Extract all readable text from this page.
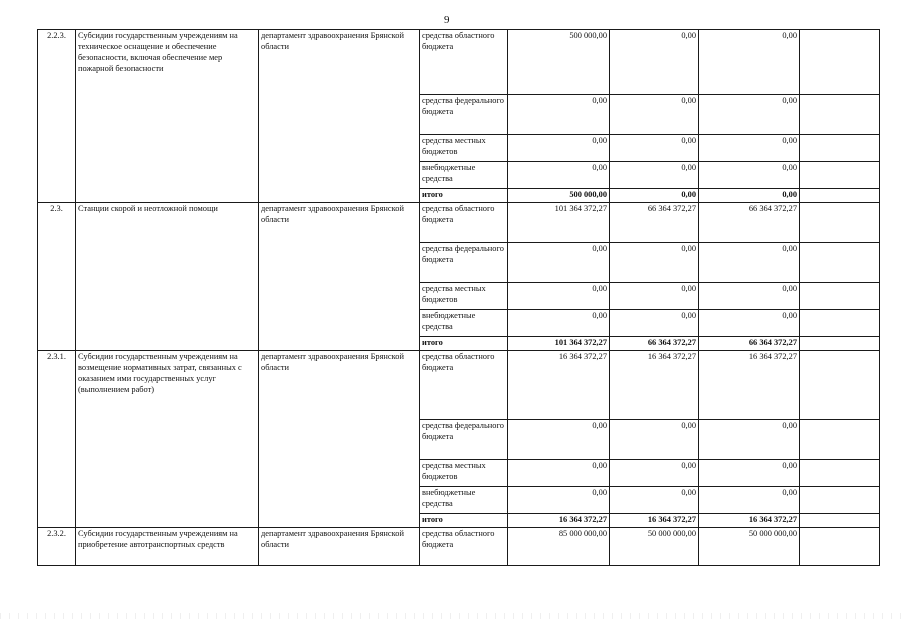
9
2.2.3.	Субсидии государственным учреждениям на техническое оснащение и обеспечение безопасности, включая обеспечение мер пожарной безопасности	департамент здравоохранения Брянской области	средства областного бюджета	500 000,00	0,00	0,00	
			средства федерального бюджета	0,00	0,00	0,00	
			средства местных бюджетов	0,00	0,00	0,00	
			внебюджетные средства	0,00	0,00	0,00	
			итого	500 000,00	0,00	0,00	
2.3.	Станции скорой и неотложной помощи	департамент здравоохранения Брянской области	средства областного бюджета	101 364 372,27	66 364 372,27	66 364 372,27	
			средства федерального бюджета	0,00	0,00	0,00	
			средства местных бюджетов	0,00	0,00	0,00	
			внебюджетные средства	0,00	0,00	0,00	
			итого	101 364 372,27	66 364 372,27	66 364 372,27	
2.3.1.	Субсидии государственным учреждениям на возмещение нормативных затрат, связанных с оказанием ими государственных услуг (выполнением работ)	департамент здравоохранения Брянской области	средства областного бюджета	16 364 372,27	16 364 372,27	16 364 372,27	
			средства федерального бюджета	0,00	0,00	0,00	
			средства местных бюджетов	0,00	0,00	0,00	
			внебюджетные средства	0,00	0,00	0,00	
			итого	16 364 372,27	16 364 372,27	16 364 372,27	
2.3.2.	Субсидии государственным учреждениям на приобретение автотранспортных средств	департамент здравоохранения Брянской области	средства областного бюджета	85 000 000,00	50 000 000,00	50 000 000,00	
